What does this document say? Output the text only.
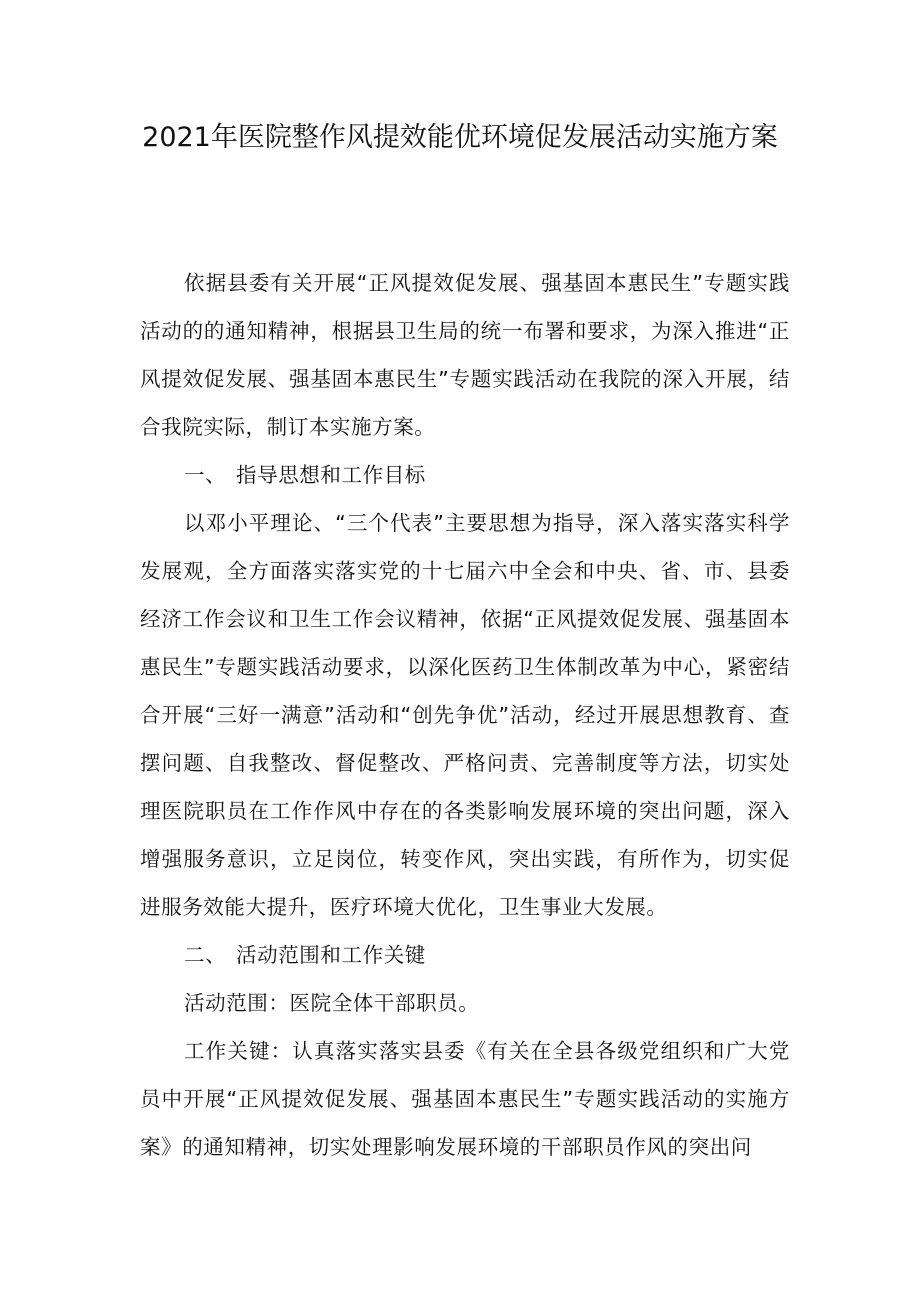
2021年医院整作风提效能优环境促发展活动实施方案

依据县委有关开展“正风提效促发展、强基固本惠民生”专题实践活动的的通知精神，根据县卫生局的统一布署和要求，为深入推进“正风提效促发展、强基固本惠民生”专题实践活动在我院的深入开展，结合我院实际，制订本实施方案。

一、 指导思想和工作目标

以邓小平理论、“三个代表”主要思想为指导，深入落实落实科学发展观，全方面落实落实党的十七届六中全会和中央、省、市、县委经济工作会议和卫生工作会议精神，依据“正风提效促发展、强基固本惠民生”专题实践活动要求，以深化医药卫生体制改革为中心，紧密结合开展“三好一满意”活动和“创先争优”活动，经过开展思想教育、查摆问题、自我整改、督促整改、严格问责、完善制度等方法，切实处理医院职员在工作作风中存在的各类影响发展环境的突出问题，深入增强服务意识，立足岗位，转变作风，突出实践，有所作为，切实促进服务效能大提升，医疗环境大优化，卫生事业大发展。

二、 活动范围和工作关键

活动范围：医院全体干部职员。

工作关键：认真落实落实县委《有关在全县各级党组织和广大党员中开展“正风提效促发展、强基固本惠民生”专题实践活动的实施方案》的通知精神，切实处理影响发展环境的干部职员作风的突出问
